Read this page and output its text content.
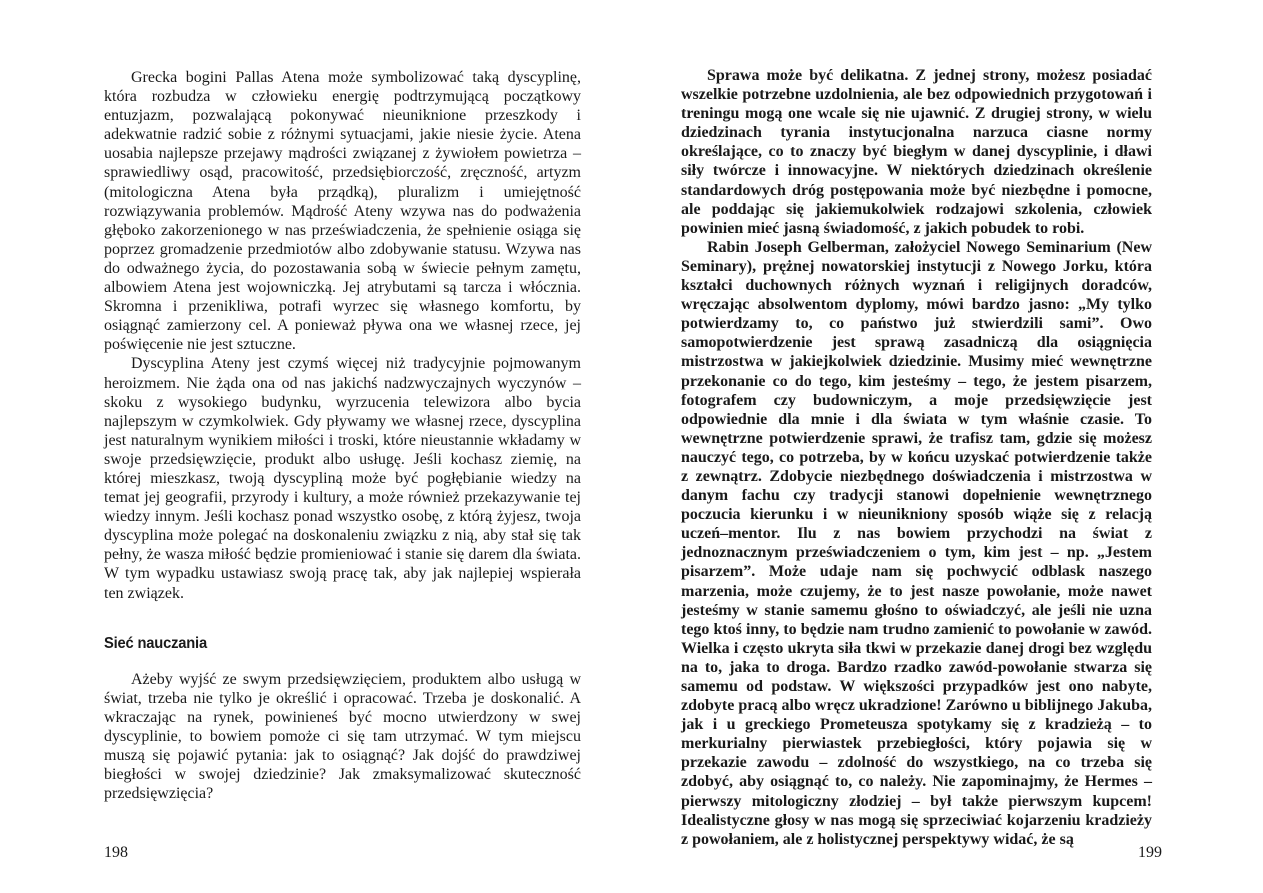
Grecka bogini Pallas Atena może symbolizować taką dyscyplinę, która rozbudza w człowieku energię podtrzymującą początkowy entuzjazm, pozwalającą pokonywać nieuniknione przeszkody i adekwatnie radzić sobie z różnymi sytuacjami, jakie niesie życie. Atena uosabia najlepsze przejawy mądrości związanej z żywiołem powietrza – sprawiedliwy osąd, pracowitość, przedsiębiorczość, zręczność, artyzm (mitologiczna Atena była prządką), pluralizm i umiejętność rozwiązywania problemów. Mądrość Ateny wzywa nas do podważenia głęboko zakorzenionego w nas przeświadczenia, że spełnienie osiąga się poprzez gromadzenie przedmiotów albo zdobywanie statusu. Wzywa nas do odważnego życia, do pozostawania sobą w świecie pełnym zamętu, albowiem Atena jest wojowniczką. Jej atrybutami są tarcza i włócznia. Skromna i przenikliwa, potrafi wyrzec się własnego komfortu, by osiągnąć zamierzony cel. A ponieważ pływa ona we własnej rzece, jej poświęcenie nie jest sztuczne.

Dyscyplina Ateny jest czymś więcej niż tradycyjnie pojmowanym heroizmem. Nie żąda ona od nas jakichś nadzwyczajnych wyczynów – skoku z wysokiego budynku, wyrzucenia telewizora albo bycia najlepszym w czymkolwiek. Gdy pływamy we własnej rzece, dyscyplina jest naturalnym wynikiem miłości i troski, które nieustannie wkładamy w swoje przedsięwzięcie, produkt albo usługę. Jeśli kochasz ziemię, na której mieszkasz, twoją dyscypliną może być pogłębianie wiedzy na temat jej geografii, przyrody i kultury, a może również przekazywanie tej wiedzy innym. Jeśli kochasz ponad wszystko osobę, z którą żyjesz, twoja dyscyplina może polegać na doskonaleniu związku z nią, aby stał się tak pełny, że wasza miłość będzie promieniować i stanie się darem dla świata. W tym wypadku ustawiasz swoją pracę tak, aby jak najlepiej wspierała ten związek.

Sieć nauczania

Ażeby wyjść ze swym przedsięwzięciem, produktem albo usługą w świat, trzeba nie tylko je określić i opracować. Trzeba je doskonalić. A wkraczając na rynek, powinieneś być mocno utwierdzony w swej dyscyplinie, to bowiem pomoże ci się tam utrzymać. W tym miejscu muszą się pojawić pytania: jak to osiągnąć? Jak dojść do prawdziwej biegłości w swojej dziedzinie? Jak zmaksymalizować skuteczność przedsięwzięcia?

198

Sprawa może być delikatna. Z jednej strony, możesz posiadać wszelkie potrzebne uzdolnienia, ale bez odpowiednich przygotowań i treningu mogą one wcale się nie ujawnić. Z drugiej strony, w wielu dziedzinach tyrania instytucjonalna narzuca ciasne normy określające, co to znaczy być biegłym w danej dyscyplinie, i dławi siły twórcze i innowacyjne. W niektórych dziedzinach określenie standardowych dróg postępowania może być niezbędne i pomocne, ale poddając się jakiemukolwiek rodzajowi szkolenia, człowiek powinien mieć jasną świadomość, z jakich pobudek to robi.

Rabin Joseph Gelberman, założyciel Nowego Seminarium (New Seminary), prężnej nowatorskiej instytucji z Nowego Jorku, która kształci duchownych różnych wyznań i religijnych doradców, wręczając absolwentom dyplomy, mówi bardzo jasno: „My tylko potwierdzamy to, co państwo już stwierdzili sami”. Owo samopotwierdzenie jest sprawą zasadniczą dla osiągnięcia mistrzostwa w jakiejkolwiek dziedzinie. Musimy mieć wewnętrzne przekonanie co do tego, kim jesteśmy – tego, że jestem pisarzem, fotografem czy budowniczym, a moje przedsięwzięcie jest odpowiednie dla mnie i dla świata w tym właśnie czasie. To wewnętrzne potwierdzenie sprawi, że trafisz tam, gdzie się możesz nauczyć tego, co potrzeba, by w końcu uzyskać potwierdzenie także z zewnątrz. Zdobycie niezbędnego doświadczenia i mistrzostwa w danym fachu czy tradycji stanowi dopełnienie wewnętrznego poczucia kierunku i w nieunikniony sposób wiąże się z relacją uczeń–mentor. Ilu z nas bowiem przychodzi na świat z jednoznacznym przeświadczeniem o tym, kim jest – np. „Jestem pisarzem”. Może udaje nam się pochwycić odblask naszego marzenia, może czujemy, że to jest nasze powołanie, może nawet jesteśmy w stanie samemu głośno to oświadczyć, ale jeśli nie uzna tego ktoś inny, to będzie nam trudno zamienić to powołanie w zawód. Wielka i często ukryta siła tkwi w przekazie danej drogi bez względu na to, jaka to droga. Bardzo rzadko zawód-powołanie stwarza się samemu od podstaw. W większości przypadków jest ono nabyte, zdobyte pracą albo wręcz ukradzione! Zarówno u biblijnego Jakuba, jak i u greckiego Prometeusza spotykamy się z kradzieżą – to merkurialny pierwiastek przebiegłości, który pojawia się w przekazie zawodu – zdolność do wszystkiego, na co trzeba się zdobyć, aby osiągnąć to, co należy. Nie zapominajmy, że Hermes – pierwszy mitologiczny złodziej – był także pierwszym kupcem! Idealistyczne głosy w nas mogą się sprzeciwiać kojarzeniu kradzieży z powołaniem, ale z holistycznej perspektywy widać, że są

199
